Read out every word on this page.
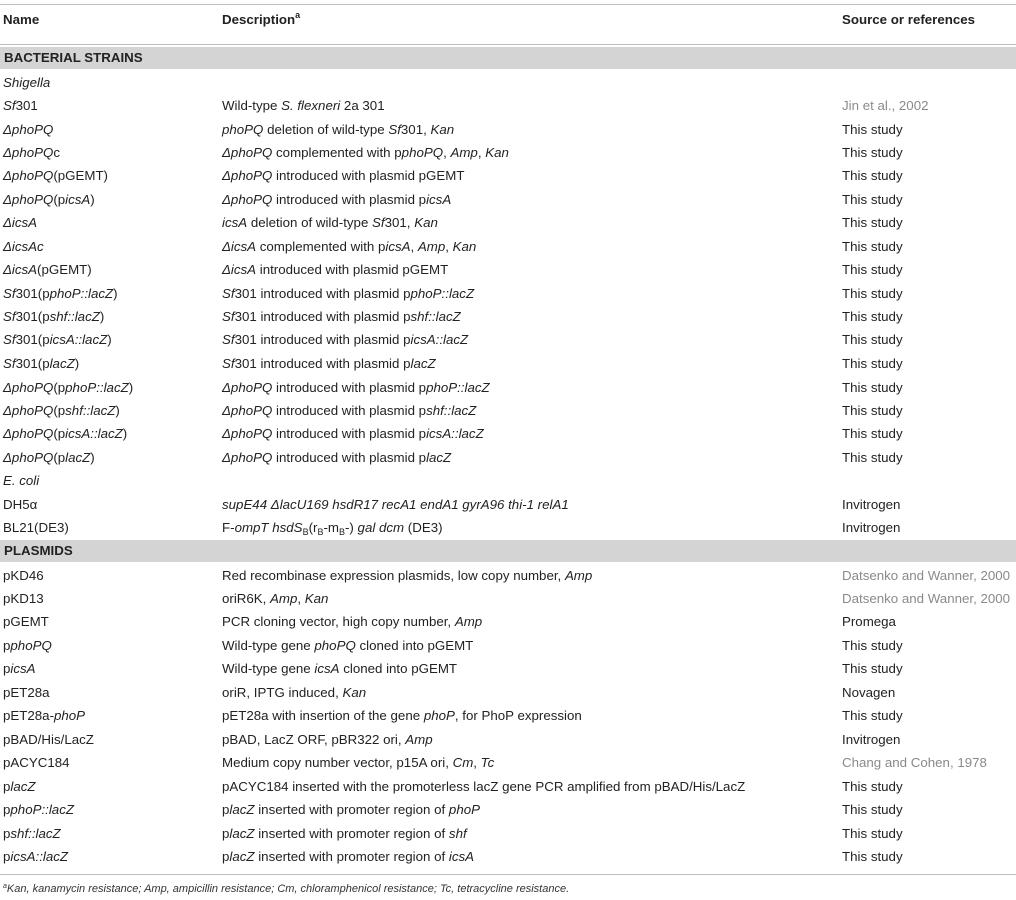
Name	Description$^a$	Source or references
BACTERIAL STRAINS
Shigella
Sf301	Wild-type S. flexneri 2a 301	Jin et al., 2002
ΔphoPQ	phoPQ deletion of wild-type Sf301, Kan	This study
ΔphoPQc	ΔphoPQ complemented with pphoPQ, Amp, Kan	This study
ΔphoPQ(pGEMT)	ΔphoPQ introduced with plasmid pGEMT	This study
ΔphoPQ(picsA)	ΔphoPQ introduced with plasmid picsA	This study
ΔicsA	icsA deletion of wild-type Sf301, Kan	This study
ΔicsAc	ΔicsA complemented with picsA, Amp, Kan	This study
ΔicsA(pGEMT)	ΔicsA introduced with plasmid pGEMT	This study
Sf301(pphoP::lacZ)	Sf301 introduced with plasmid pphoP::lacZ	This study
Sf301(pshf::lacZ)	Sf301 introduced with plasmid pshf::lacZ	This study
Sf301(picsA::lacZ)	Sf301 introduced with plasmid picsA::lacZ	This study
Sf301(placZ)	Sf301 introduced with plasmid placZ	This study
ΔphoPQ(pphoP::lacZ)	ΔphoPQ introduced with plasmid pphoP::lacZ	This study
ΔphoPQ(pshf::lacZ)	ΔphoPQ introduced with plasmid pshf::lacZ	This study
ΔphoPQ(picsA::lacZ)	ΔphoPQ introduced with plasmid picsA::lacZ	This study
ΔphoPQ(placZ)	ΔphoPQ introduced with plasmid placZ	This study
E. coli
DH5α	supE44 ΔlacU169 hsdR17 recA1 endA1 gyrA96 thi-1 relA1	Invitrogen
BL21(DE3)	F-ompT $hsdS_B(r_B-m_B-)$ gal dcm (DE3)	Invitrogen
PLASMIDS
pKD46	Red recombinase expression plasmids, low copy number, Amp	Datsenko and Wanner, 2000
pKD13	oriR6K, Amp, Kan	Datsenko and Wanner, 2000
pGEMT	PCR cloning vector, high copy number, Amp	Promega
pphoPQ	Wild-type gene phoPQ cloned into pGEMT	This study
picsA	Wild-type gene icsA cloned into pGEMT	This study
pET28a	oriR, IPTG induced, Kan	Novagen
pET28a-phoP	pET28a with insertion of the gene phoP, for PhoP expression	This study
pBAD/His/LacZ	pBAD, LacZ ORF, pBR322 ori, Amp	Invitrogen
pACYC184	Medium copy number vector, p15A ori, Cm, Tc	Chang and Cohen, 1978
placZ	pACYC184 inserted with the promoterless lacZ gene PCR amplified from pBAD/His/LacZ	This study
pphoP::lacZ	placZ inserted with promoter region of phoP	This study
pshf::lacZ	placZ inserted with promoter region of shf	This study
picsA::lacZ	placZ inserted with promoter region of icsA	This study
$^a$Kan, kanamycin resistance; Amp, ampicillin resistance; Cm, chloramphenicol resistance; Tc, tetracycline resistance.
